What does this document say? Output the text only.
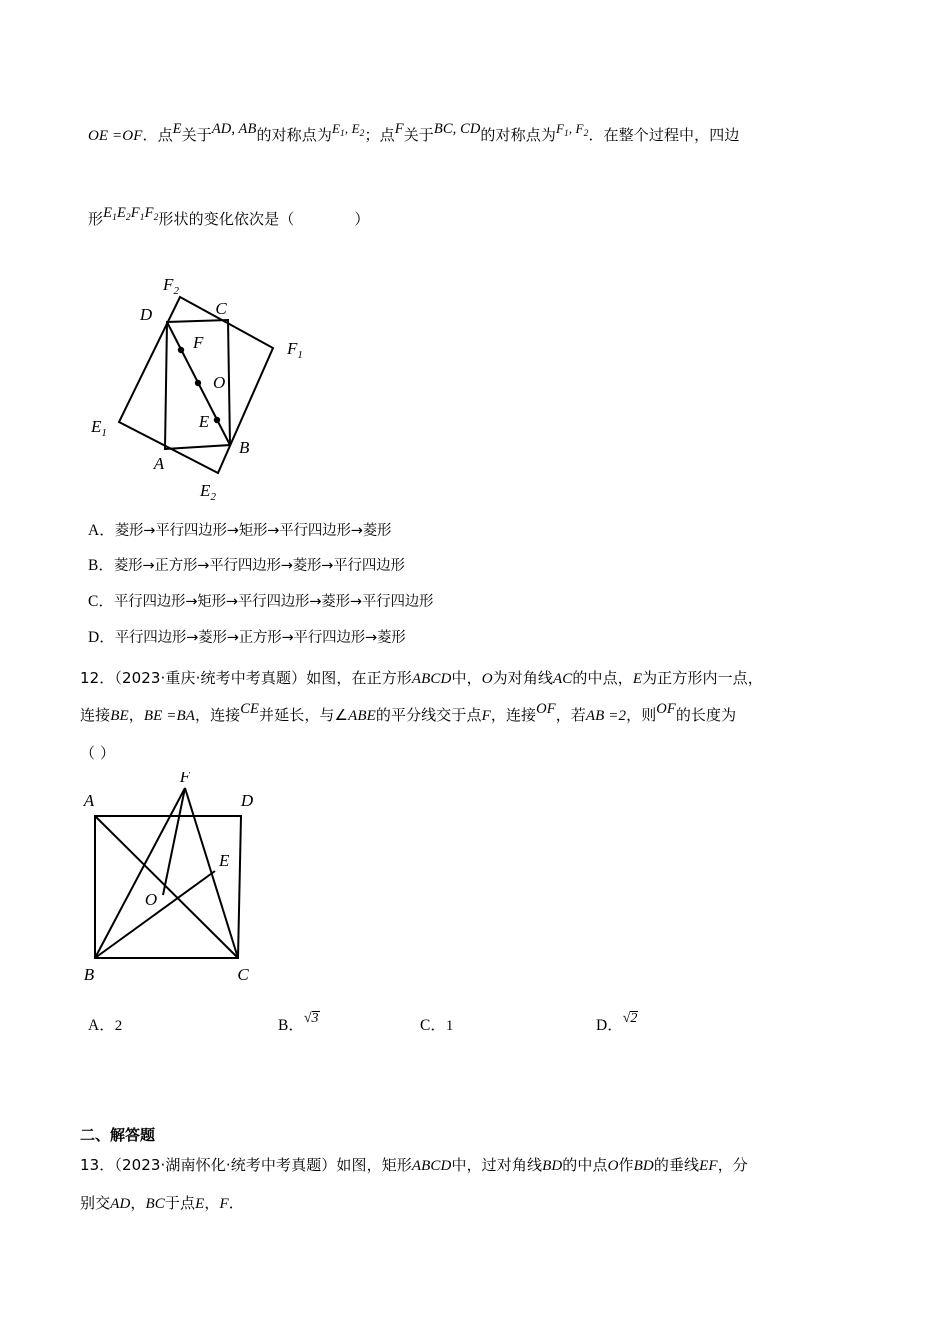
OE =OF．点E关于AD, AB的对称点为$^{E_1, E_2}$；点F关于BC, CD的对称点为$^{F_1, F_2}$．在整个过程中，四边
形$E_1E_2F_1F_2$形状的变化依次是（	）
$F_2$
D	C
$F_1$
F
O
$E_1$
E
B
A
$E_2$
A．菱形→平行四边形→矩形→平行四边形→菱形
B．菱形→正方形→平行四边形→菱形→平行四边形
C．平行四边形→矩形→平行四边形→菱形→平行四边形
D．平行四边形→菱形→正方形→平行四边形→菱形
12．（2023·重庆·统考中考真题）如图，在正方形ABCD中，O为对角线AC的中点，E为正方形内一点，
连接BE，BE =BA，连接CE并延长，与∠ABE的平分线交于点F，连接OF，若AB =2，则OF的长度为
（ ）
F
A	D
E
O
B	C
A．2	B．√3	C．1	D．√2
二、解答题
13．（2023·湖南怀化·统考中考真题）如图，矩形ABCD中，过对角线BD的中点O作BD的垂线EF，分
别交AD，BC于点E，F．
